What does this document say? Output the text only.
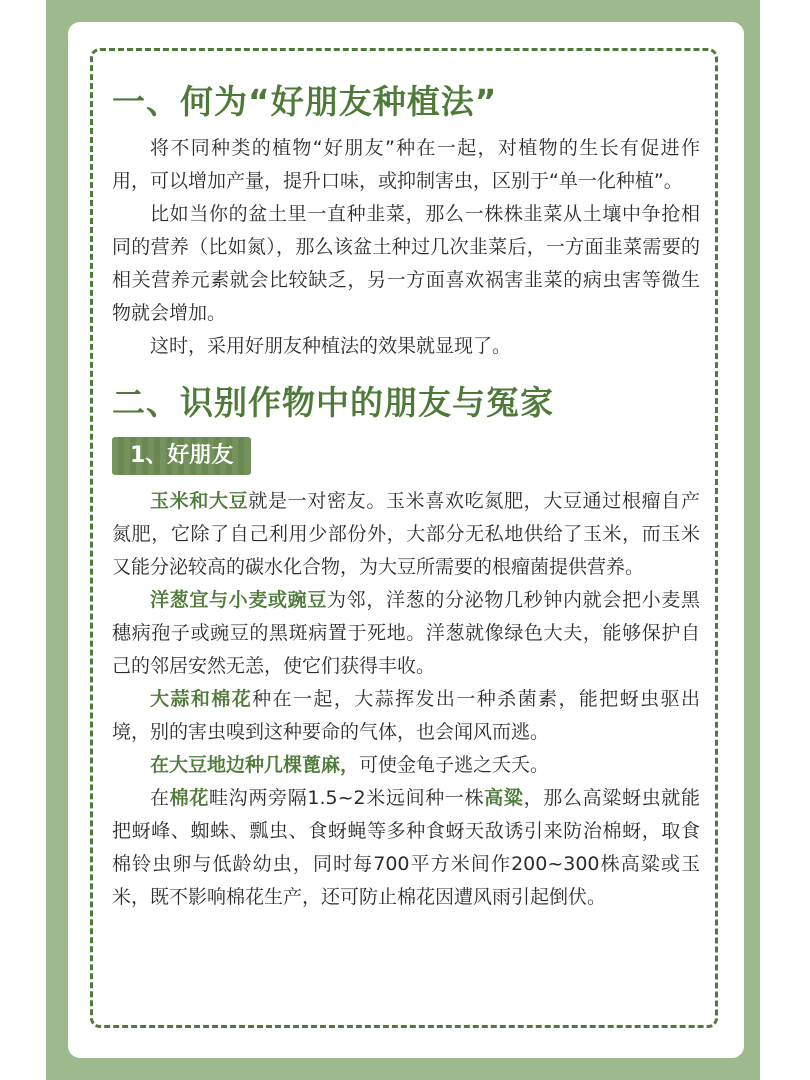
一、何为“好朋友种植法”

将不同种类的植物“好朋友”种在一起，对植物的生长有促进作用，可以增加产量，提升口味，或抑制害虫，区别于“单一化种植”。

比如当你的盆土里一直种韭菜，那么一株株韭菜从土壤中争抢相同的营养（比如氮），那么该盆土种过几次韭菜后，一方面韭菜需要的相关营养元素就会比较缺乏，另一方面喜欢祸害韭菜的病虫害等微生物就会增加。

这时，采用好朋友种植法的效果就显现了。

二、识别作物中的朋友与冤家
1、好朋友

玉米和大豆就是一对密友。玉米喜欢吃氮肥，大豆通过根瘤自产氮肥，它除了自己利用少部份外，大部分无私地供给了玉米，而玉米又能分泌较高的碳水化合物，为大豆所需要的根瘤菌提供营养。

洋葱宜与小麦或豌豆为邻，洋葱的分泌物几秒钟内就会把小麦黑穗病孢子或豌豆的黑斑病置于死地。洋葱就像绿色大夫，能够保护自己的邻居安然无恙，使它们获得丰收。

大蒜和棉花种在一起，大蒜挥发出一种杀菌素，能把蚜虫驱出境，别的害虫嗅到这种要命的气体，也会闻风而逃。

在大豆地边种几棵蓖麻，可使金龟子逃之夭夭。

在棉花畦沟两旁隔1.5~2米远间种一株高粱，那么高粱蚜虫就能把蚜峰、蜘蛛、瓢虫、食蚜蝇等多种食蚜天敌诱引来防治棉蚜，取食棉铃虫卵与低龄幼虫，同时每700平方米间作200~300株高粱或玉米，既不影响棉花生产，还可防止棉花因遭风雨引起倒伏。
